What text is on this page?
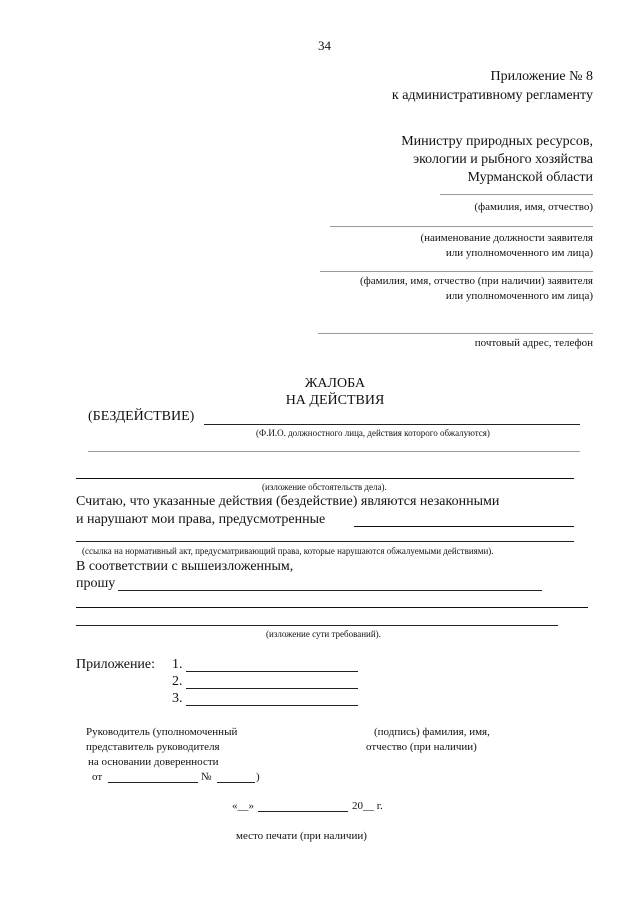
34
Приложение № 8
к административному регламенту
Министру природных ресурсов,
экологии и рыбного хозяйства
Мурманской области
(фамилия, имя, отчество)
(наименование должности заявителя
или уполномоченного им лица)
(фамилия, имя, отчество (при наличии) заявителя
или уполномоченного им лица)
почтовый адрес, телефон
ЖАЛОБА
НА ДЕЙСТВИЯ
(БЕЗДЕЙСТВИЕ)
(Ф.И.О. должностного лица, действия которого обжалуются)
(изложение обстоятельств дела).
Считаю, что указанные действия (бездействие) являются незаконными
и нарушают мои права, предусмотренные
(ссылка на нормативный акт, предусматривающий права, которые нарушаются обжалуемыми действиями).
В соответствии с вышеизложенным,
прошу
(изложение сути требований).
Приложение: 1.
2.
3.
Руководитель (уполномоченный
представитель руководителя
на основании доверенности
от	№	)
(подпись) фамилия, имя,
отчество (при наличии)
«__»	20__ г.
место печати (при наличии)
